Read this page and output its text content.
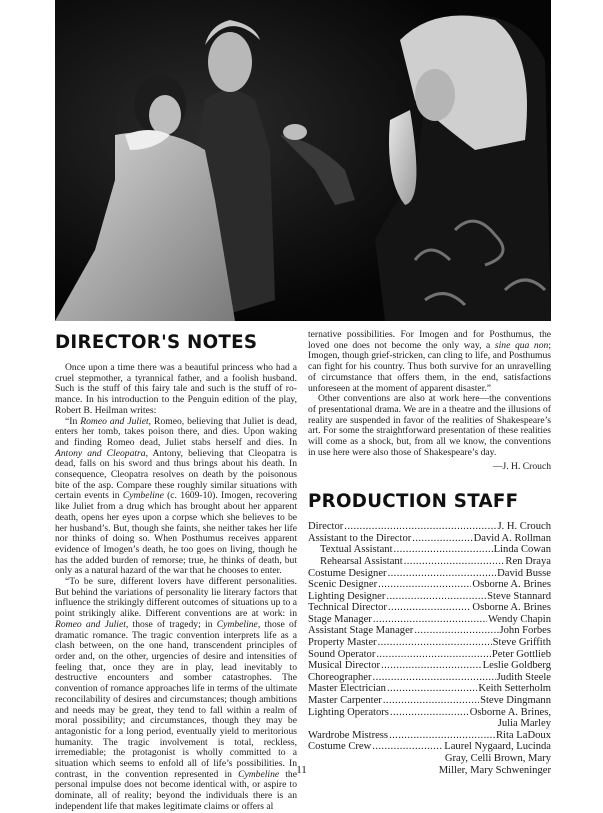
DIRECTOR'S NOTES

Once upon a time there was a beautiful princess who had a cruel stepmother, a tyrannical father, and a foolish husband. Such is the stuff of this fairy tale and such is the stuff of romance. In his introduction to the Penguin edition of the play, Robert B. Heilman writes:

“In Romeo and Juliet, Romeo, believing that Juliet is dead, enters her tomb, takes poison there, and dies. Upon waking and finding Romeo dead, Juliet stabs herself and dies. In Antony and Cleopatra, Antony, believing that Cleopatra is dead, falls on his sword and thus brings about his death. In consequence, Cleopatra resolves on death by the poisonous bite of the asp. Compare these roughly similar situations with certain events in Cymbeline (c. 1609-10). Imogen, recovering like Juliet from a drug which has brought about her apparent death, opens her eyes upon a corpse which she believes to be her husband’s. But, though she faints, she neither takes her life nor thinks of doing so. When Posthumus receives apparent evidence of Imogen’s death, he too goes on living, though he has the added burden of remorse; true, he thinks of death, but only as a natural hazard of the war that he chooses to enter.

“To be sure, different lovers have different personalities. But behind the variations of personality lie literary factors that influence the strikingly different outcomes of situations up to a point strikingly alike. Different conventions are at work: in Romeo and Juliet, those of tragedy; in Cymbeline, those of dramatic romance. The tragic convention interprets life as a clash between, on the one hand, transcendent principles of order and, on the other, urgencies of desire and intensities of feeling that, once they are in play, lead inevitably to destructive encounters and somber catastrophes. The convention of romance approaches life in terms of the ultimate reconcilability of desires and circumstances; though ambitions and needs may be great, they tend to fall within a realm of moral possibility; and circumstances, though they may be antagonistic for a long period, eventually yield to meritorious humanity. The tragic involvement is total, reckless, irremediable; the protagonist is wholly committed to a situation which seems to enfold all of life’s possibilities. In contrast, in the convention represented in Cymbeline the personal impulse does not become identical with, or aspire to dominate, all of reality; beyond the individuals there is an independent life that makes legitimate claims or offers al

ternative possibilities. For Imogen and for Posthumus, the loved one does not become the only way, a sine qua non; Imogen, though grief-stricken, can cling to life, and Posthumus can fight for his country. Thus both survive for an unravelling of circumstance that offers them, in the end, satisfactions unforeseen at the moment of apparent disaster.”

Other conventions are also at work here—the conventions of presentational drama. We are in a theatre and the illusions of reality are suspended in favor of the realities of Shakespeare’s art. For some the straightforward presentation of these realities will come as a shock, but, from all we know, the conventions in use here were also those of Shakespeare’s day.

—J. H. Crouch
PRODUCTION STAFF
Director .....	J. H. Crouch
Assistant to the Director .....	David A. Rollman
Textual Assistant .....	Linda Cowan
Rehearsal Assistant .....	Ren Draya
Costume Designer .....	David Busse
Scenic Designer .....	Osborne A. Brines
Lighting Designer .....	Steve Stannard
Technical Director .....	Osborne A. Brines
Stage Manager .....	Wendy Chapin
Assistant Stage Manager .....	John Forbes
Property Master .....	Steve Griffith
Sound Operator .....	Peter Gottlieb
Musical Director .....	Leslie Goldberg
Choreographer .....	Judith Steele
Master Electrician .....	Keith Setterholm
Master Carpenter .....	Steve Dingmann
Lighting Operators .....	Osborne A. Brines,
Julia Marley
Wardrobe Mistress .....	Rita LaDoux
Costume Crew .....	Laurel Nygaard, Lucinda
Gray, Celli Brown, Mary
Miller, Mary Schweninger
11
